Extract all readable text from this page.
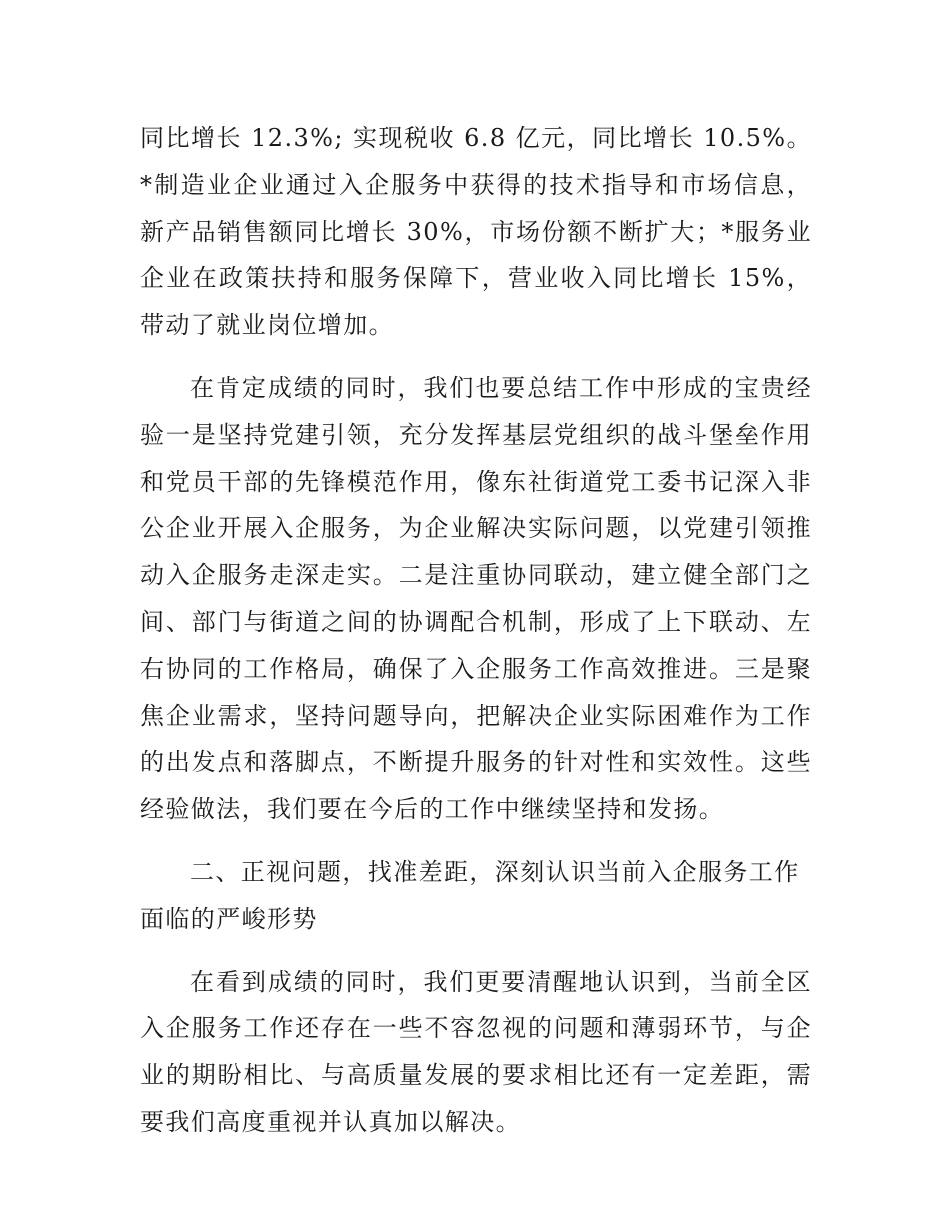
同比增长 12.3%; 实现税收 6.8 亿元，同比增长 10.5%。*制造业企业通过入企服务中获得的技术指导和市场信息，新产品销售额同比增长 30%，市场份额不断扩大；*服务业企业在政策扶持和服务保障下，营业收入同比增长 15%，带动了就业岗位增加。

在肯定成绩的同时，我们也要总结工作中形成的宝贵经验一是坚持党建引领，充分发挥基层党组织的战斗堡垒作用和党员干部的先锋模范作用，像东社街道党工委书记深入非公企业开展入企服务，为企业解决实际问题，以党建引领推动入企服务走深走实。二是注重协同联动，建立健全部门之间、部门与街道之间的协调配合机制，形成了上下联动、左右协同的工作格局，确保了入企服务工作高效推进。三是聚焦企业需求，坚持问题导向，把解决企业实际困难作为工作的出发点和落脚点，不断提升服务的针对性和实效性。这些经验做法，我们要在今后的工作中继续坚持和发扬。

二、正视问题，找准差距，深刻认识当前入企服务工作面临的严峻形势

在看到成绩的同时，我们更要清醒地认识到，当前全区入企服务工作还存在一些不容忽视的问题和薄弱环节，与企业的期盼相比、与高质量发展的要求相比还有一定差距，需要我们高度重视并认真加以解决。
